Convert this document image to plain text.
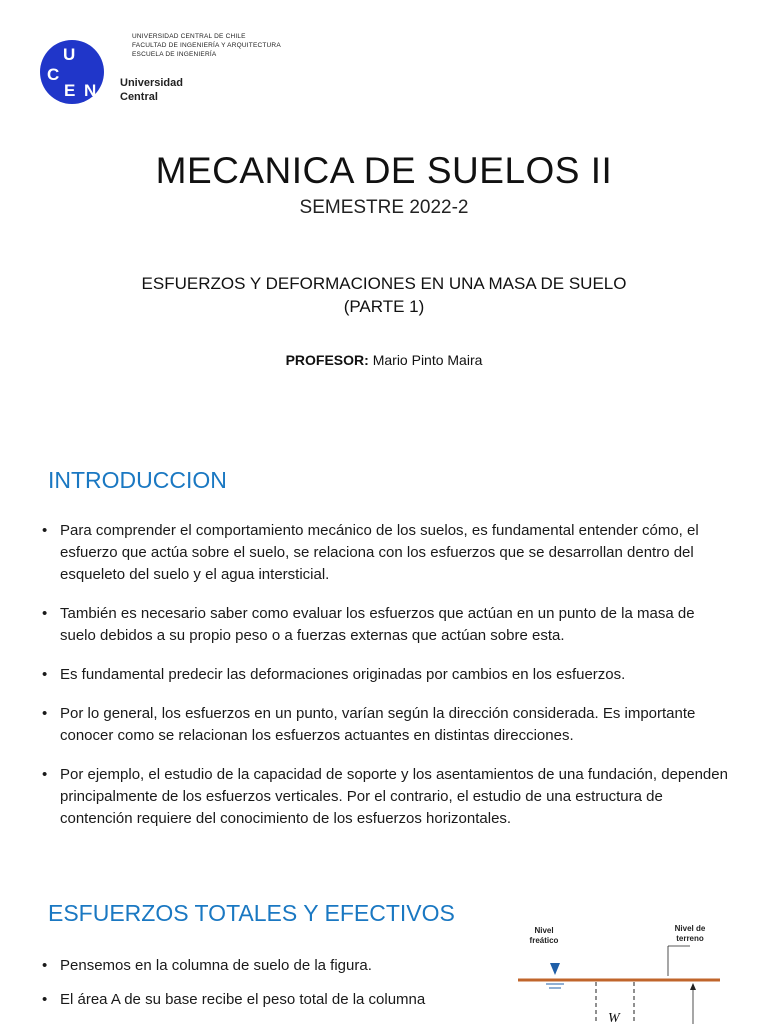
U
C
E N Universidad
Central
UNIVERSIDAD CENTRAL DE CHILE
FACULTAD DE INGENIERÍA Y ARQUITECTURA
ESCUELA DE INGENIERÍA
MECANICA DE SUELOS II
SEMESTRE 2022-2
ESFUERZOS Y DEFORMACIONES EN UNA MASA DE SUELO
(PARTE 1)
PROFESOR: Mario Pinto Maira
INTRODUCCION
• Para comprender el comportamiento mecánico de los suelos, es fundamental entender cómo, el esfuerzo que actúa sobre el suelo, se relaciona con los esfuerzos que se desarrollan dentro del esqueleto del suelo y el agua intersticial.
• También es necesario saber como evaluar los esfuerzos que actúan en un punto de la masa de suelo debidos a su propio peso o a fuerzas externas que actúan sobre esta.
• Es fundamental predecir las deformaciones originadas por cambios en los esfuerzos.
• Por lo general, los esfuerzos en un punto, varían según la dirección considerada. Es importante conocer como se relacionan los esfuerzos actuantes en distintas direcciones.
• Por ejemplo, el estudio de la capacidad de soporte y los asentamientos de una fundación, dependen principalmente de los esfuerzos verticales. Por el contrario, el estudio de una estructura de contención requiere del conocimiento de los esfuerzos horizontales.
ESFUERZOS TOTALES Y EFECTIVOS
• Pensemos en la columna de suelo de la figura.
• El área A de su base recibe el peso total de la columna
Nivel
freático
Nivel de
terreno
W
